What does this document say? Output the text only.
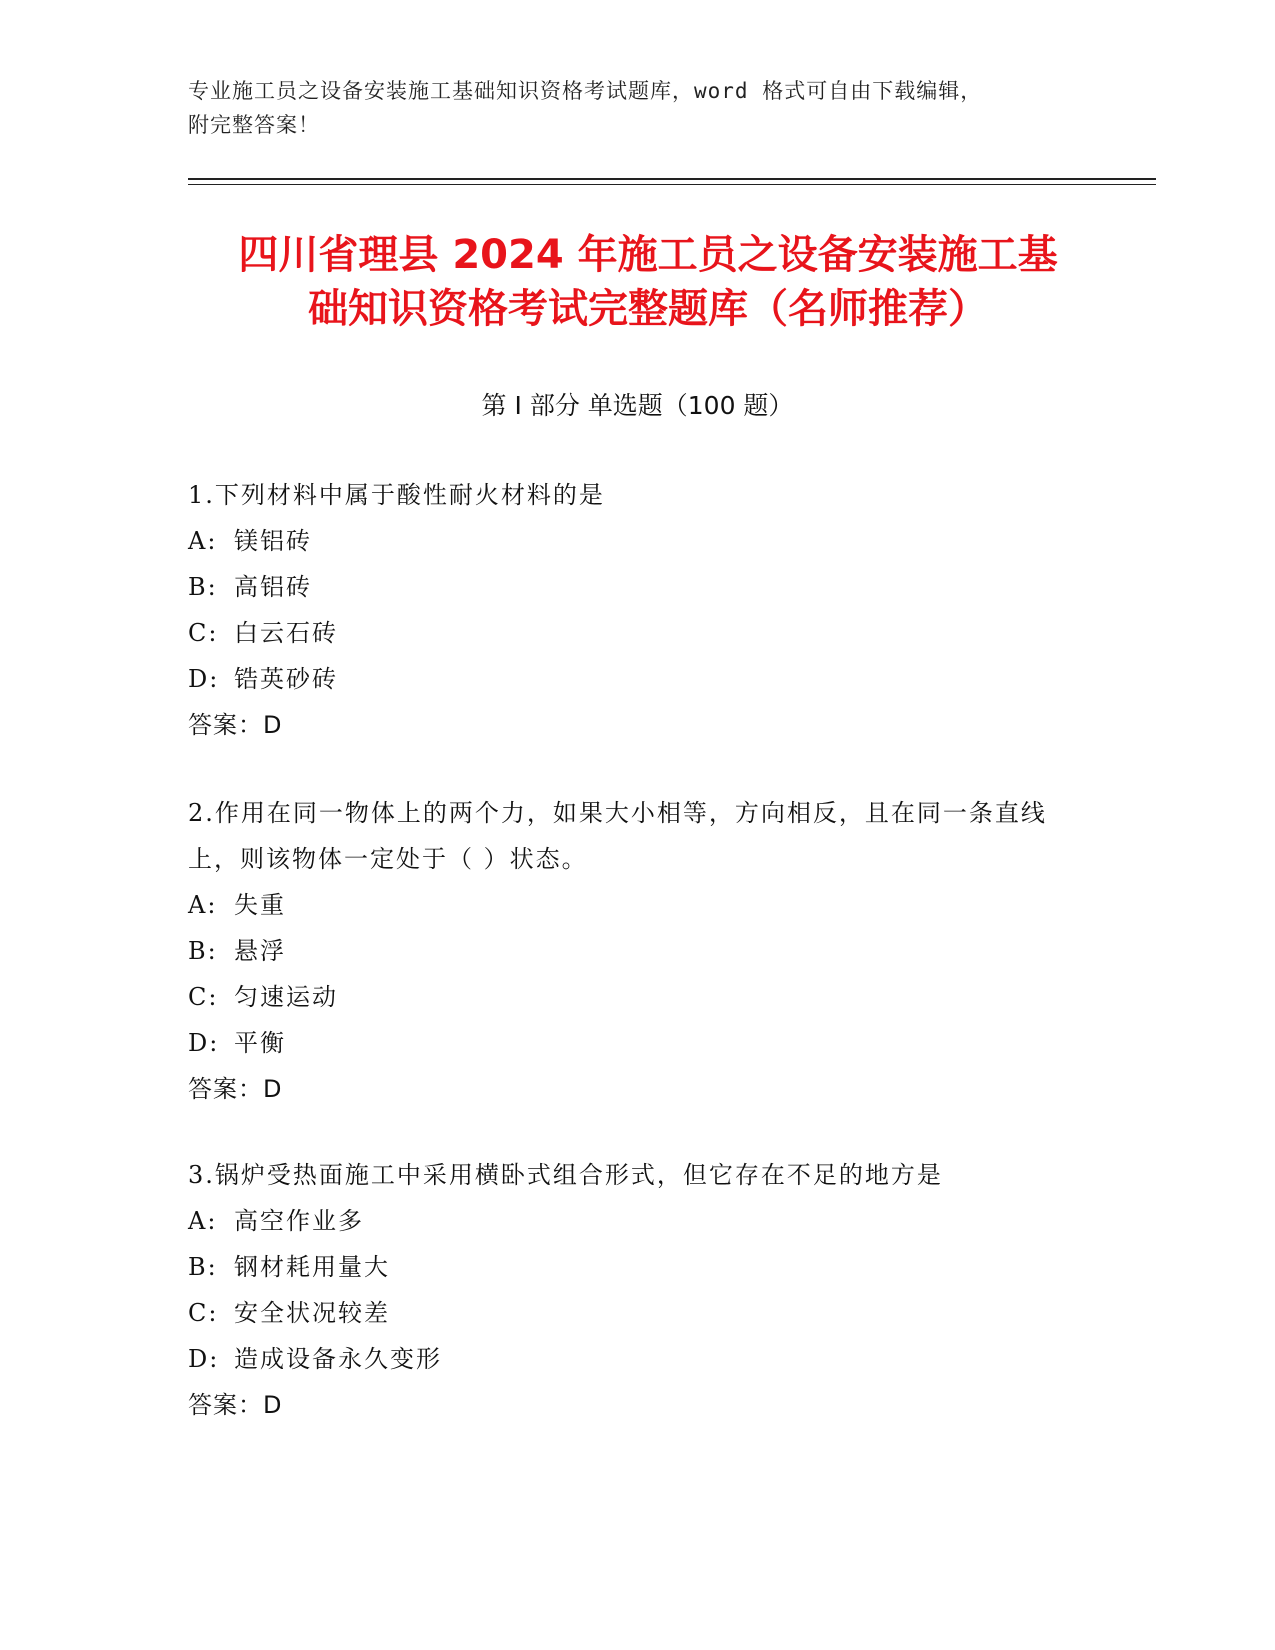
专业施工员之设备安装施工基础知识资格考试题库，word 格式可自由下载编辑，
附完整答案！
四川省理县 2024 年施工员之设备安装施工基
础知识资格考试完整题库（名师推荐）
第 I 部分 单选题（100 题）

1.下列材料中属于酸性耐火材料的是

A: 镁铝砖

B: 高铝砖

C: 白云石砖

D: 锆英砂砖

答案：D

2.作用在同一物体上的两个力，如果大小相等，方向相反，且在同一条直线上，则该物体一定处于（ ）状态。

A: 失重

B: 悬浮

C: 匀速运动

D: 平衡

答案：D

3.锅炉受热面施工中采用横卧式组合形式，但它存在不足的地方是

A: 高空作业多

B: 钢材耗用量大

C: 安全状况较差

D: 造成设备永久变形

答案：D
